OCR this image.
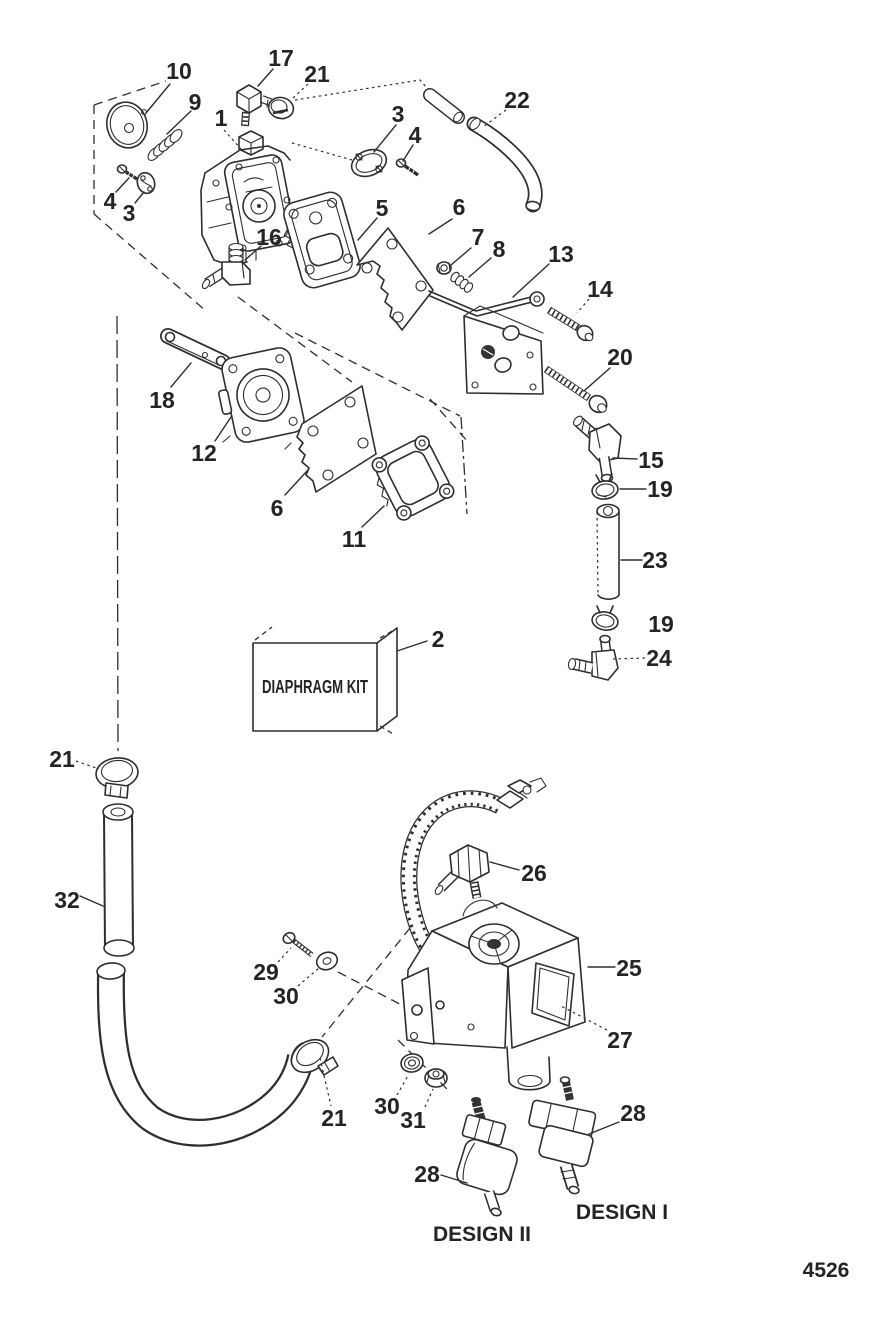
DIAPHRAGM KIT
10	17
21
9
1	3
4
22
4 3
16
5	6
7 8 13
14
20
18
12
6
11
15
19
23
19
24
2
21
32
29
30
26
25
27
21 30
31
28
28
DESIGN I
DESIGN II
4526
